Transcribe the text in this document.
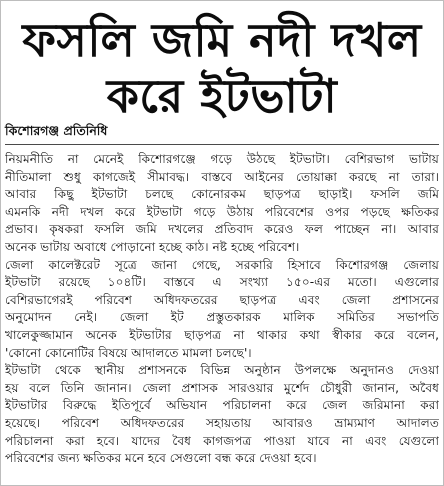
ফসলি জমি নদী দখল
করে ইটভাটা
কিশোরগঞ্জ প্রতিনিধি
নিয়মনীতি না মেনেই কিশোরগঞ্জে গড়ে উঠছে ইটভাটা। বেশিরভাগ ভাটায়
নীতিমালা শুধু কাগজেই সীমাবদ্ধ। বাস্তবে আইনের তোয়াক্কা করছে না তারা।
আবার কিছু ইটভাটা চলছে কোনোরকম ছাড়পত্র ছাড়াই। ফসলি জমি
এমনকি নদী দখল করে ইটভাটা গড়ে উঠায় পরিবেশের ওপর পড়ছে ক্ষতিকর
প্রভাব। কৃষকরা ফসলি জমি দখলের প্রতিবাদ করেও ফল পাচ্ছেন না। আবার
অনেক ভাটায় অবাধে পোড়ানো হচ্ছে কাঠ। নষ্ট হচ্ছে পরিবেশ।
জেলা কালেক্টরেট সূত্রে জানা গেছে, সরকারি হিসাবে কিশোরগঞ্জ জেলায়
ইটভাটা রয়েছে ১০৪টি। বাস্তবে এ সংখ্যা ১৫০-এর মতো। এগুলোর
বেশিরভাগেরই পরিবেশ অধিদফতরের ছাড়পত্র এবং জেলা প্রশাসনের
অনুমোদন নেই। জেলা ইট প্রস্তুতকারক মালিক সমিতির সভাপতি
খালেকুজ্জামান অনেক ইটভাটার ছাড়পত্র না থাকার কথা স্বীকার করে বলেন,
'কোনো কোনোটির বিষয়ে আদালতে মামলা চলছে'।
ইটভাটা থেকে স্থানীয় প্রশাসনকে বিভিন্ন অনুষ্ঠান উপলক্ষে অনুদানও দেওয়া
হয় বলে তিনি জানান। জেলা প্রশাসক সারওয়ার মুর্শেদ চৌধুরী জানান, অবৈধ
ইটভাটার বিরুদ্ধে ইতিপূর্বে অভিযান পরিচালনা করে জেল জরিমানা করা
হয়েছে। পরিবেশ অধিদফতরের সহায়তায় আবারও ভ্রাম্যমাণ আদালত
পরিচালনা করা হবে। যাদের বৈধ কাগজপত্র পাওয়া যাবে না এবং যেগুলো
পরিবেশের জন্য ক্ষতিকর মনে হবে সেগুলো বন্ধ করে দেওয়া হবে।
